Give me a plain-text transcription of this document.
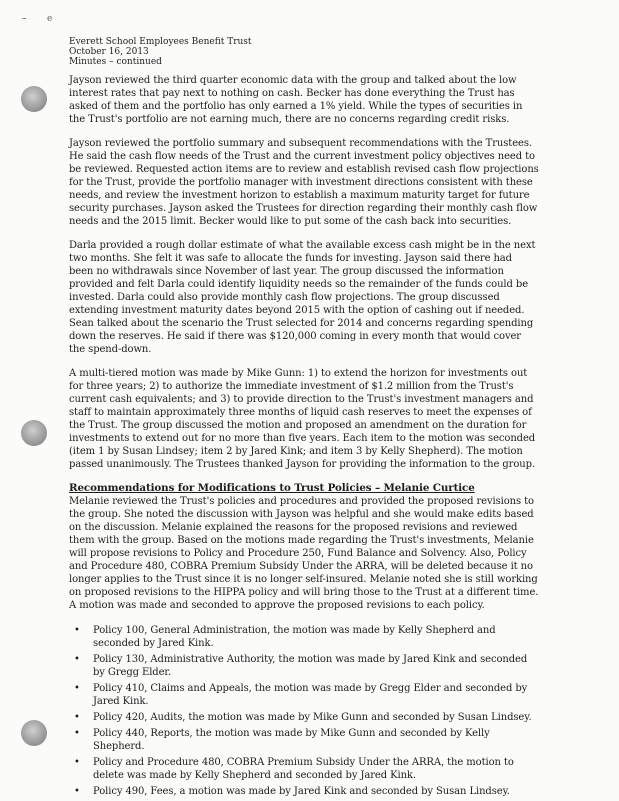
– e
Everett School Employees Benefit Trust
October 16, 2013
Minutes – continued

Jayson reviewed the third quarter economic data with the group and talked about the low interest rates that pay next to nothing on cash. Becker has done everything the Trust has asked of them and the portfolio has only earned a 1% yield. While the types of securities in the Trust's portfolio are not earning much, there are no concerns regarding credit risks.

Jayson reviewed the portfolio summary and subsequent recommendations with the Trustees. He said the cash flow needs of the Trust and the current investment policy objectives need to be reviewed. Requested action items are to review and establish revised cash flow projections for the Trust, provide the portfolio manager with investment directions consistent with these needs, and review the investment horizon to establish a maximum maturity target for future security purchases. Jayson asked the Trustees for direction regarding their monthly cash flow needs and the 2015 limit. Becker would like to put some of the cash back into securities.

Darla provided a rough dollar estimate of what the available excess cash might be in the next two months. She felt it was safe to allocate the funds for investing. Jayson said there had been no withdrawals since November of last year. The group discussed the information provided and felt Darla could identify liquidity needs so the remainder of the funds could be invested. Darla could also provide monthly cash flow projections. The group discussed extending investment maturity dates beyond 2015 with the option of cashing out if needed. Sean talked about the scenario the Trust selected for 2014 and concerns regarding spending down the reserves. He said if there was $120,000 coming in every month that would cover the spend-down.

A multi-tiered motion was made by Mike Gunn: 1) to extend the horizon for investments out for three years; 2) to authorize the immediate investment of $1.2 million from the Trust's current cash equivalents; and 3) to provide direction to the Trust's investment managers and staff to maintain approximately three months of liquid cash reserves to meet the expenses of the Trust. The group discussed the motion and proposed an amendment on the duration for investments to extend out for no more than five years. Each item to the motion was seconded (item 1 by Susan Lindsey; item 2 by Jared Kink; and item 3 by Kelly Shepherd). The motion passed unanimously. The Trustees thanked Jayson for providing the information to the group.

Recommendations for Modifications to Trust Policies – Melanie Curtice

Melanie reviewed the Trust's policies and procedures and provided the proposed revisions to the group. She noted the discussion with Jayson was helpful and she would make edits based on the discussion. Melanie explained the reasons for the proposed revisions and reviewed them with the group. Based on the motions made regarding the Trust's investments, Melanie will propose revisions to Policy and Procedure 250, Fund Balance and Solvency. Also, Policy and Procedure 480, COBRA Premium Subsidy Under the ARRA, will be deleted because it no longer applies to the Trust since it is no longer self-insured. Melanie noted she is still working on proposed revisions to the HIPPA policy and will bring those to the Trust at a different time. A motion was made and seconded to approve the proposed revisions to each policy.

• Policy 100, General Administration, the motion was made by Kelly Shepherd and seconded by Jared Kink.
• Policy 130, Administrative Authority, the motion was made by Jared Kink and seconded by Gregg Elder.
• Policy 410, Claims and Appeals, the motion was made by Gregg Elder and seconded by Jared Kink.
• Policy 420, Audits, the motion was made by Mike Gunn and seconded by Susan Lindsey.
• Policy 440, Reports, the motion was made by Mike Gunn and seconded by Kelly Shepherd.
• Policy and Procedure 480, COBRA Premium Subsidy Under the ARRA, the motion to delete was made by Kelly Shepherd and seconded by Jared Kink.
• Policy 490, Fees, a motion was made by Jared Kink and seconded by Susan Lindsey.
